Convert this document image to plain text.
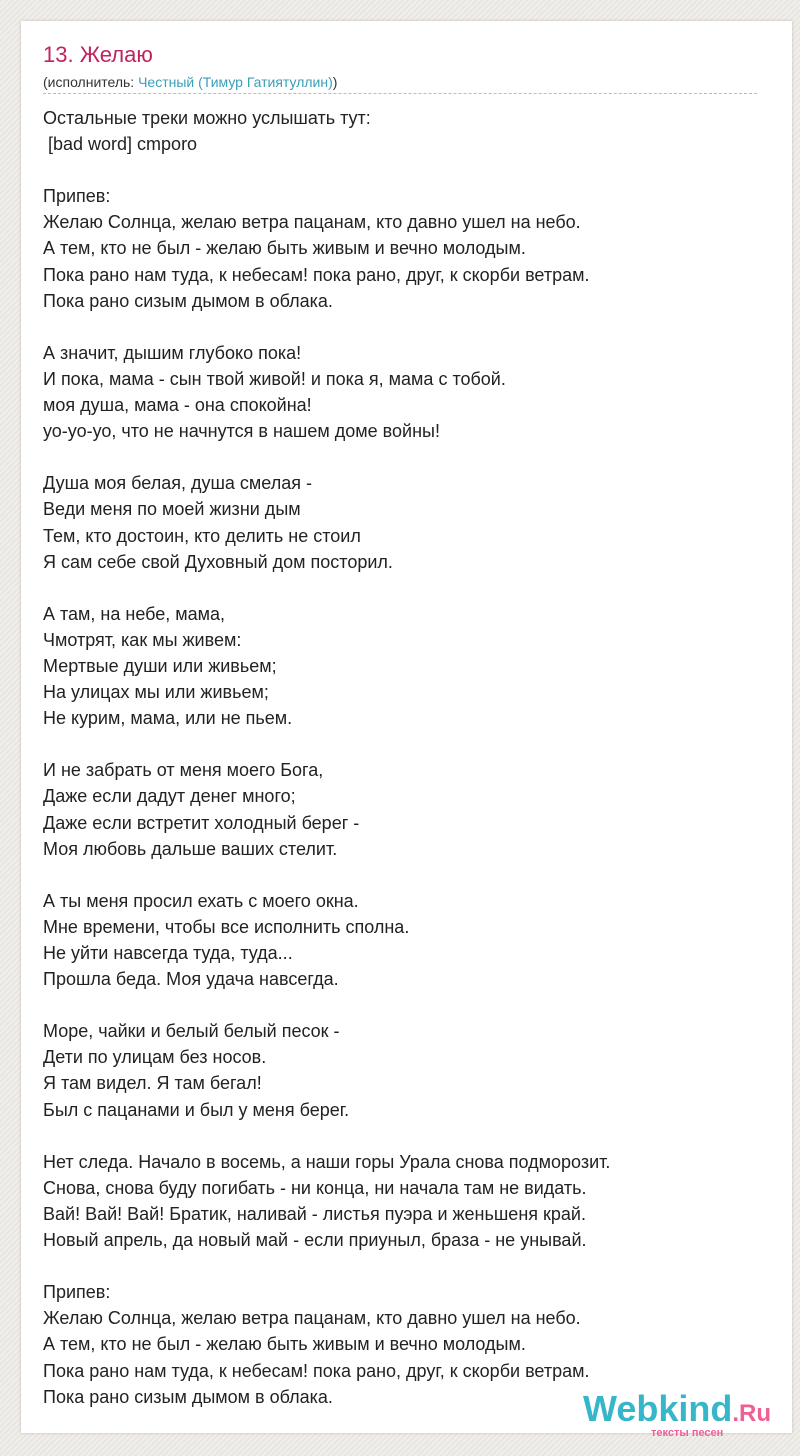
13. Желаю
(исполнитель: Честный (Тимур Гатиятуллин))
Остальные треки можно услышать тут:
[bad word] cmporo

Припев:
Желаю Солнца, желаю ветра пацанам, кто давно ушел на небо.
А тем, кто не был - желаю быть живым и вечно молодым.
Пока рано нам туда, к небесам! пока рано, друг, к скорби ветрам.
Пока рано сизым дымом в облака.

А значит, дышим глубоко пока!
И пока, мама - сын твой живой! и пока я, мама с тобой.
моя душа, мама - она спокойна!
уо-уо-уо, что не начнутся в нашем доме войны!

Душа моя белая, душа смелая -
Веди меня по моей жизни дым
Тем, кто достоин, кто делить не стоил
Я сам себе свой Духовный дом посторил.

А там, на небе, мама,
Чмотрят, как мы живем:
Мертвые души или живьем;
На улицах мы или живьем;
Не курим, мама, или не пьем.

И не забрать от меня моего Бога,
Даже если дадут денег много;
Даже если встретит холодный берег -
Моя любовь дальше ваших стелит.

А ты меня просил ехать с моего окна.
Мне времени, чтобы все исполнить сполна.
Не уйти навсегда туда, туда...
Прошла беда. Моя удача навсегда.

Море, чайки и белый белый песок -
Дети по улицам без носов.
Я там видел. Я там бегал!
Был с пацанами и был у меня берег.

Нет следа. Начало в восемь, а наши горы Урала снова подморозит.
Снова, снова буду погибать - ни конца, ни начала там не видать.
Вай! Вай! Вай! Братик, наливай - листья пуэра и женьшеня край.
Новый апрель, да новый май - если приуныл, браза - не унывай.

Припев:
Желаю Солнца, желаю ветра пацанам, кто давно ушел на небо.
А тем, кто не был - желаю быть живым и вечно молодым.
Пока рано нам туда, к небесам! пока рано, друг, к скорби ветрам.
Пока рано сизым дымом в облака.	Webkind.Ru
тексты песен
